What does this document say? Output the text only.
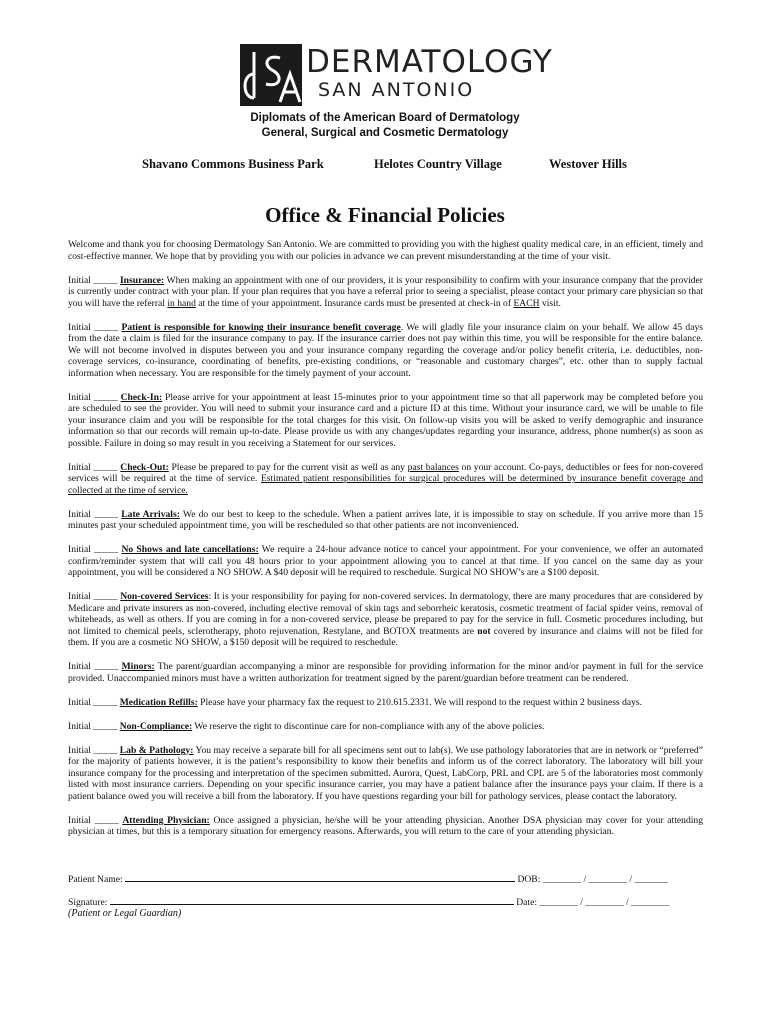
DERMATOLOGY
SAN ANTONIO
Diplomats of the American Board of Dermatology
General, Surgical and Cosmetic Dermatology
Shavano Commons Business Park	Helotes Country Village	Westover Hills
Office & Financial Policies

Welcome and thank you for choosing Dermatology San Antonio. We are committed to providing you with the highest quality medical care, in an efficient, timely and cost-effective manner. We hope that by providing you with our policies in advance we can prevent misunderstanding at the time of your visit.

Initial _____ Insurance: When making an appointment with one of our providers, it is your responsibility to confirm with your insurance company that the provider is currently under contract with your plan. If your plan requires that you have a referral prior to seeing a specialist, please contact your primary care physician so that you will have the referral in hand at the time of your appointment. Insurance cards must be presented at check-in of EACH visit.

Initial _____ Patient is responsible for knowing their insurance benefit coverage. We will gladly file your insurance claim on your behalf. We allow 45 days from the date a claim is filed for the insurance company to pay. If the insurance carrier does not pay within this time, you will be responsible for the entire balance. We will not become involved in disputes between you and your insurance company regarding the coverage and/or policy benefit criteria, i.e. deductibles, non-coverage services, co-insurance, coordinating of benefits, pre-existing conditions, or “reasonable and customary charges”, etc. other than to supply factual information when necessary. You are responsible for the timely payment of your account.

Initial _____ Check-In: Please arrive for your appointment at least 15-minutes prior to your appointment time so that all paperwork may be completed before you are scheduled to see the provider. You will need to submit your insurance card and a picture ID at this time. Without your insurance card, we will be unable to file your insurance claim and you will be responsible for the total charges for this visit. On follow-up visits you will be asked to verify demographic and insurance information so that our records will remain up-to-date. Please provide us with any changes/updates regarding your insurance, address, phone number(s) as soon as possible. Failure in doing so may result in you receiving a Statement for our services.

Initial _____ Check-Out: Please be prepared to pay for the current visit as well as any past balances on your account. Co-pays, deductibles or fees for non-covered services will be required at the time of service. Estimated patient responsibilities for surgical procedures will be determined by insurance benefit coverage and collected at the time of service.

Initial _____ Late Arrivals: We do our best to keep to the schedule. When a patient arrives late, it is impossible to stay on schedule. If you arrive more than 15 minutes past your scheduled appointment time, you will be rescheduled so that other patients are not inconvenienced.

Initial _____ No Shows and late cancellations: We require a 24-hour advance notice to cancel your appointment. For your convenience, we offer an automated confirm/reminder system that will call you 48 hours prior to your appointment allowing you to cancel at that time. If you cancel on the same day as your appointment, you will be considered a NO SHOW. A $40 deposit will be required to reschedule. Surgical NO SHOW’s are a $100 deposit.

Initial _____ Non-covered Services: It is your responsibility for paying for non-covered services. In dermatology, there are many procedures that are considered by Medicare and private insurers as non-covered, including elective removal of skin tags and seborrheic keratosis, cosmetic treatment of facial spider veins, removal of whiteheads, as well as others. If you are coming in for a non-covered service, please be prepared to pay for the service in full. Cosmetic procedures including, but not limited to chemical peels, sclerotherapy, photo rejuvenation, Restylane, and BOTOX treatments are not covered by insurance and claims will not be filed for them. If you are a cosmetic NO SHOW, a $150 deposit will be required to reschedule.

Initial _____ Minors: The parent/guardian accompanying a minor are responsible for providing information for the minor and/or payment in full for the service provided. Unaccompanied minors must have a written authorization for treatment signed by the parent/guardian before treatment can be rendered.

Initial _____ Medication Refills: Please have your pharmacy fax the request to 210.615.2331. We will respond to the request within 2 business days.

Initial _____ Non-Compliance: We reserve the right to discontinue care for non-compliance with any of the above policies.

Initial _____ Lab & Pathology: You may receive a separate bill for all specimens sent out to lab(s). We use pathology laboratories that are in network or “preferred” for the majority of patients however, it is the patient’s responsibility to know their benefits and inform us of the correct laboratory. The laboratory will bill your insurance company for the processing and interpretation of the specimen submitted. Aurora, Quest, LabCorp, PRL and CPL are 5 of the laboratories most commonly listed with most insurance carriers. Depending on your specific insurance carrier, you may have a patient balance after the insurance pays your claim. If there is a patient balance owed you will receive a bill from the laboratory. If you have questions regarding your bill for pathology services, please contact the laboratory.

Initial _____ Attending Physician: Once assigned a physician, he/she will be your attending physician. Another DSA physician may cover for your attending physician at times, but this is a temporary situation for emergency reasons. Afterwards, you will return to the care of your attending physician.

Patient Name:	DOB: ________ / ________ / _______
Signature:	Date: ________ / ________ / ________
(Patient or Legal Guardian)
